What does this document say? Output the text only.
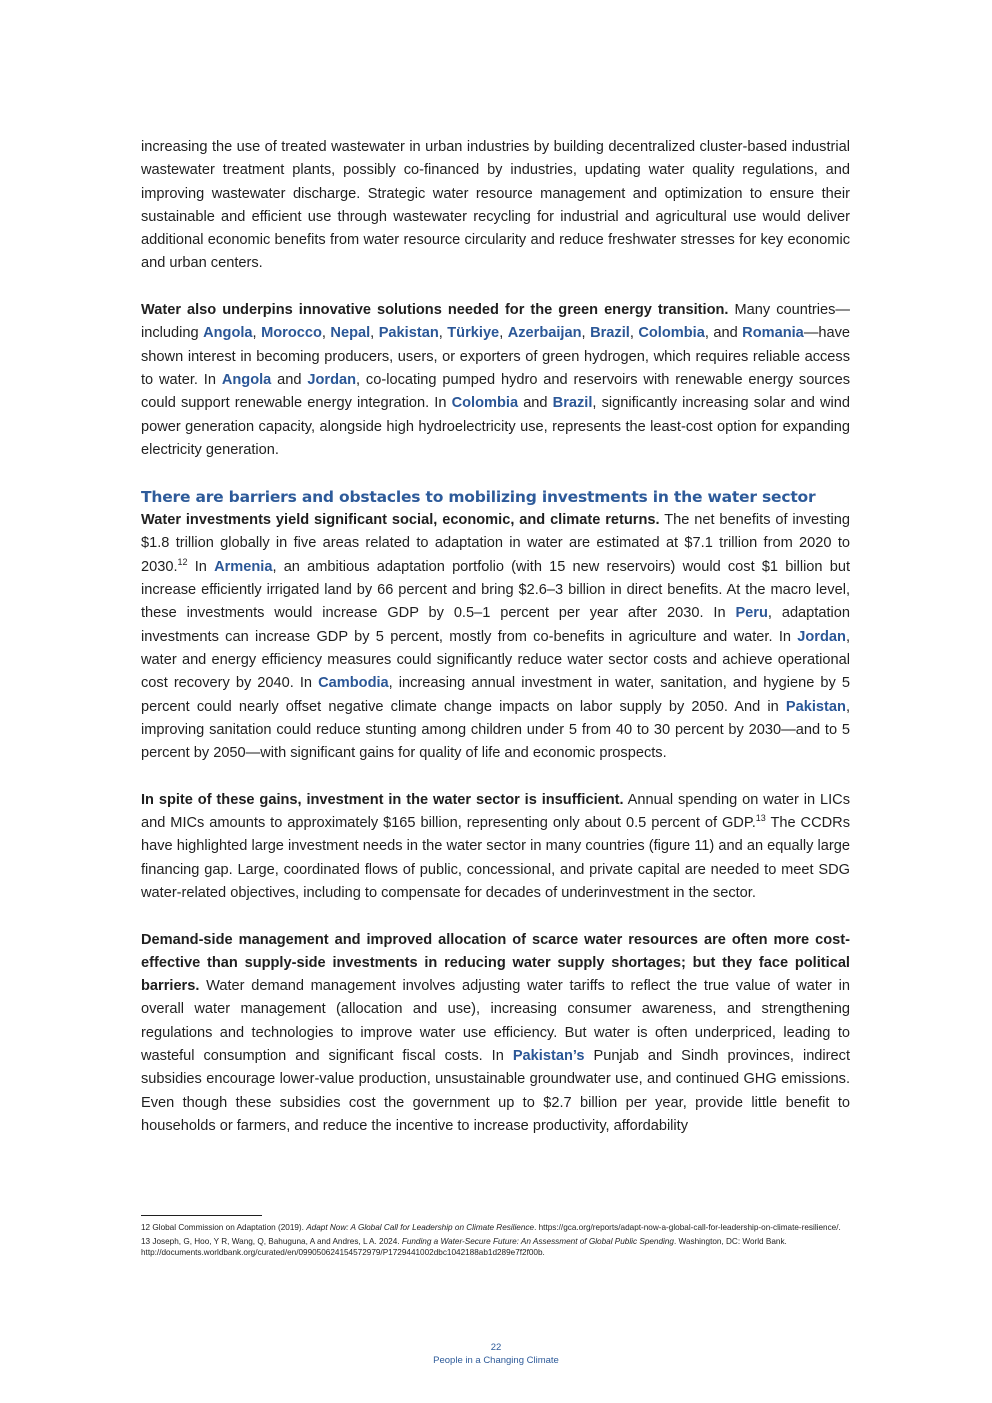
increasing the use of treated wastewater in urban industries by building decentralized cluster-based industrial wastewater treatment plants, possibly co-financed by industries, updating water quality regulations, and improving wastewater discharge. Strategic water resource management and optimization to ensure their sustainable and efficient use through wastewater recycling for industrial and agricultural use would deliver additional economic benefits from water resource circularity and reduce freshwater stresses for key economic and urban centers.

Water also underpins innovative solutions needed for the green energy transition. Many countries—including Angola, Morocco, Nepal, Pakistan, Türkiye, Azerbaijan, Brazil, Colombia, and Romania—have shown interest in becoming producers, users, or exporters of green hydrogen, which requires reliable access to water. In Angola and Jordan, co-locating pumped hydro and reservoirs with renewable energy sources could support renewable energy integration. In Colombia and Brazil, significantly increasing solar and wind power generation capacity, alongside high hydroelectricity use, represents the least-cost option for expanding electricity generation.

There are barriers and obstacles to mobilizing investments in the water sector

Water investments yield significant social, economic, and climate returns. The net benefits of investing $1.8 trillion globally in five areas related to adaptation in water are estimated at $7.1 trillion from 2020 to 2030.12 In Armenia, an ambitious adaptation portfolio (with 15 new reservoirs) would cost $1 billion but increase efficiently irrigated land by 66 percent and bring $2.6–3 billion in direct benefits. At the macro level, these investments would increase GDP by 0.5–1 percent per year after 2030. In Peru, adaptation investments can increase GDP by 5 percent, mostly from co-benefits in agriculture and water. In Jordan, water and energy efficiency measures could significantly reduce water sector costs and achieve operational cost recovery by 2040. In Cambodia, increasing annual investment in water, sanitation, and hygiene by 5 percent could nearly offset negative climate change impacts on labor supply by 2050. And in Pakistan, improving sanitation could reduce stunting among children under 5 from 40 to 30 percent by 2030—and to 5 percent by 2050—with significant gains for quality of life and economic prospects.

In spite of these gains, investment in the water sector is insufficient. Annual spending on water in LICs and MICs amounts to approximately $165 billion, representing only about 0.5 percent of GDP.$^{13}$ The CCDRs have highlighted large investment needs in the water sector in many countries (figure 11) and an equally large financing gap. Large, coordinated flows of public, concessional, and private capital are needed to meet SDG water-related objectives, including to compensate for decades of underinvestment in the sector.

Demand-side management and improved allocation of scarce water resources are often more cost-effective than supply-side investments in reducing water supply shortages; but they face political barriers. Water demand management involves adjusting water tariffs to reflect the true value of water in overall water management (allocation and use), increasing consumer awareness, and strengthening regulations and technologies to improve water use efficiency. But water is often underpriced, leading to wasteful consumption and significant fiscal costs. In Pakistan’s Punjab and Sindh provinces, indirect subsidies encourage lower-value production, unsustainable groundwater use, and continued GHG emissions. Even though these subsidies cost the government up to $2.7 billion per year, provide little benefit to households or farmers, and reduce the incentive to increase productivity, affordability

12 Global Commission on Adaptation (2019). Adapt Now: A Global Call for Leadership on Climate Resilience. https://gca.org/reports/adapt-now-a-global-call-for-leadership-on-climate-resilience/.

13 Joseph, G, Hoo, Y R, Wang, Q, Bahuguna, A and Andres, L A. 2024. Funding a Water-Secure Future: An Assessment of Global Public Spending. Washington, DC: World Bank. http://documents.worldbank.org/curated/en/099050624154572979/P1729441002dbc1042188ab1d289e7f2f00b.

22
People in a Changing Climate
